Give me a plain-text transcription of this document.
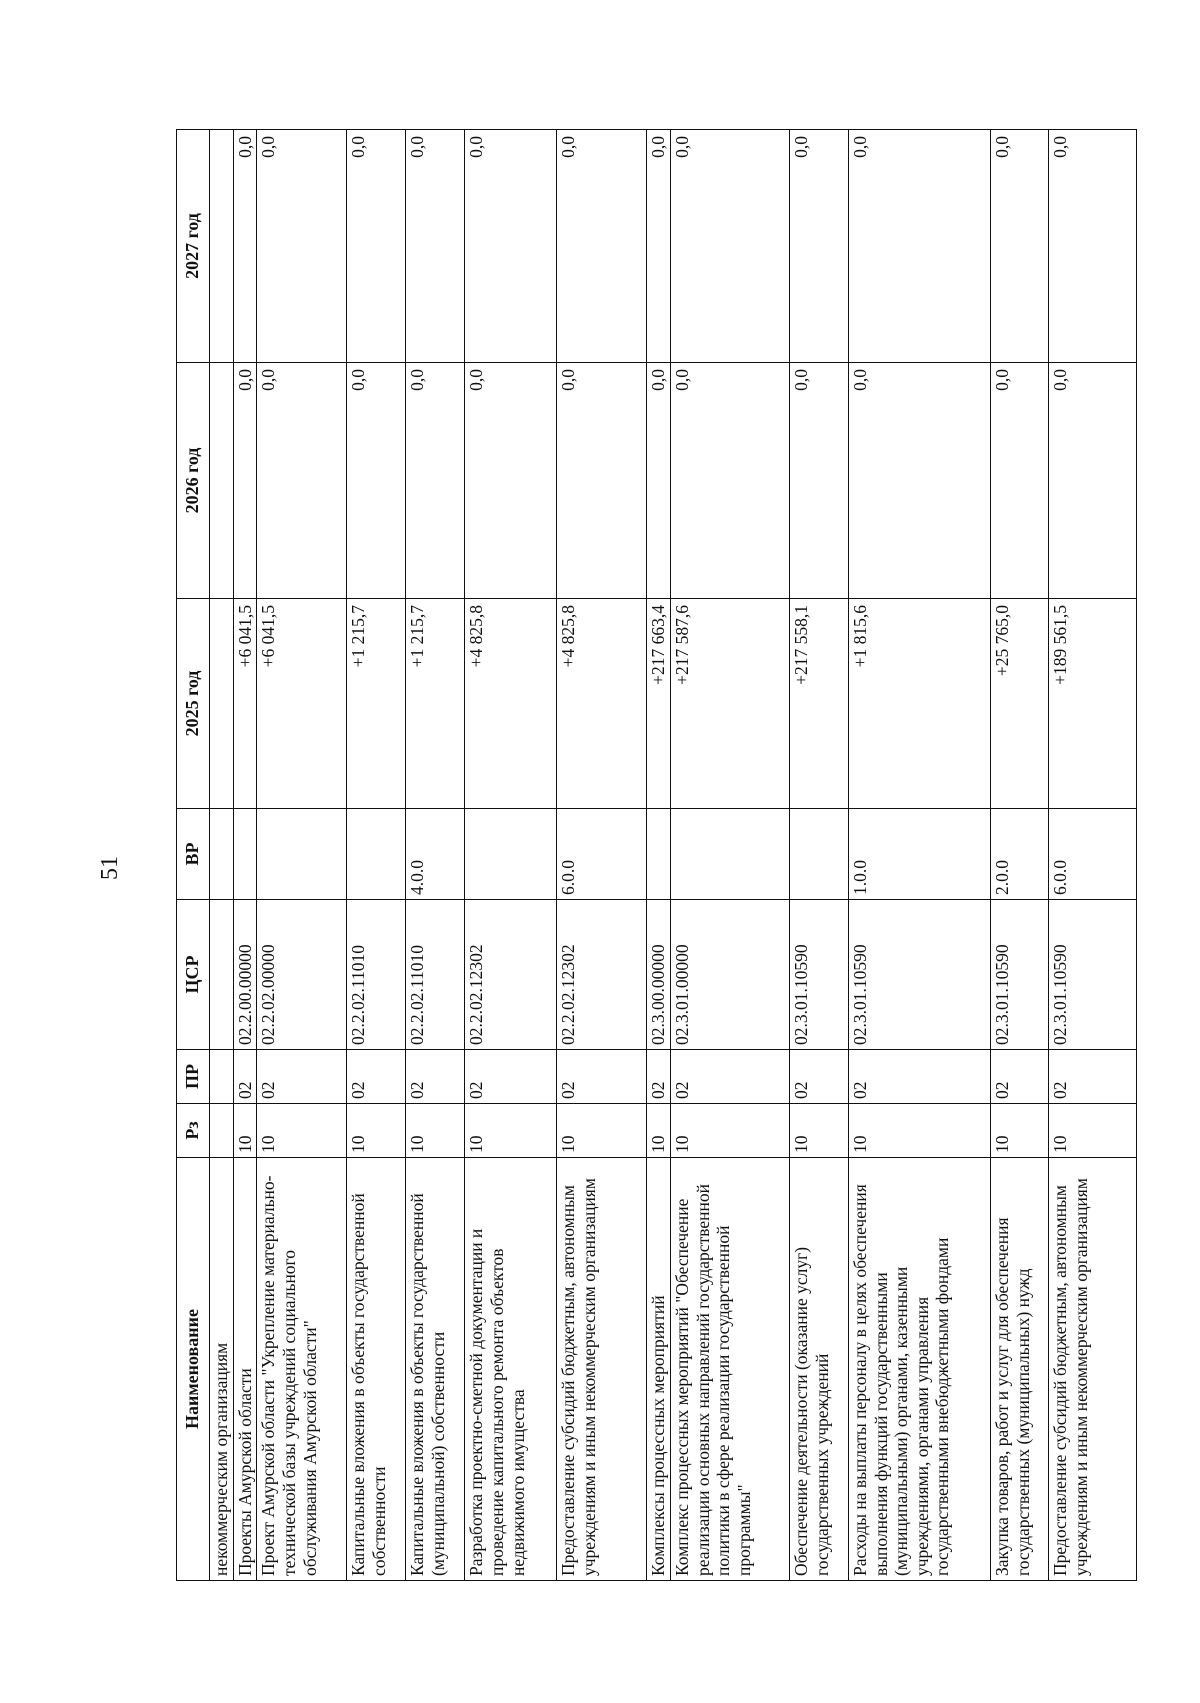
51
Наименование	Рз	ПР	ЦСР	ВР	2025 год	2026 год	2027 год
некоммерческим организациям							
Проекты Амурской области	10	02	02.2.00.00000		+6 041,5	0,0	0,0
Проект Амурской области "Укрепление материально-технической базы учреждений социального обслуживания Амурской области"	10	02	02.2.02.00000		+6 041,5	0,0	0,0
Капитальные вложения в объекты государственной собственности	10	02	02.2.02.11010		+1 215,7	0,0	0,0
Капитальные вложения в объекты государственной (муниципальной) собственности	10	02	02.2.02.11010	4.0.0	+1 215,7	0,0	0,0
Разработка проектно-сметной документации и проведение капитального ремонта объектов недвижимого имущества	10	02	02.2.02.12302		+4 825,8	0,0	0,0
Предоставление субсидий бюджетным, автономным учреждениям и иным некоммерческим организациям	10	02	02.2.02.12302	6.0.0	+4 825,8	0,0	0,0
Комплексы процессных мероприятий	10	02	02.3.00.00000		+217 663,4	0,0	0,0
Комплекс процессных мероприятий "Обеспечение реализации основных направлений государственной политики в сфере реализации государственной программы"	10	02	02.3.01.00000		+217 587,6	0,0	0,0
Обеспечение деятельности (оказание услуг) государственных учреждений	10	02	02.3.01.10590		+217 558,1	0,0	0,0
Расходы на выплаты персоналу в целях обеспечения выполнения функций государственными (муниципальными) органами, казенными учреждениями, органами управления государственными внебюджетными фондами	10	02	02.3.01.10590	1.0.0	+1 815,6	0,0	0,0
Закупка товаров, работ и услуг для обеспечения государственных (муниципальных) нужд	10	02	02.3.01.10590	2.0.0	+25 765,0	0,0	0,0
Предоставление субсидий бюджетным, автономным учреждениям и иным некоммерческим организациям	10	02	02.3.01.10590	6.0.0	+189 561,5	0,0	0,0
